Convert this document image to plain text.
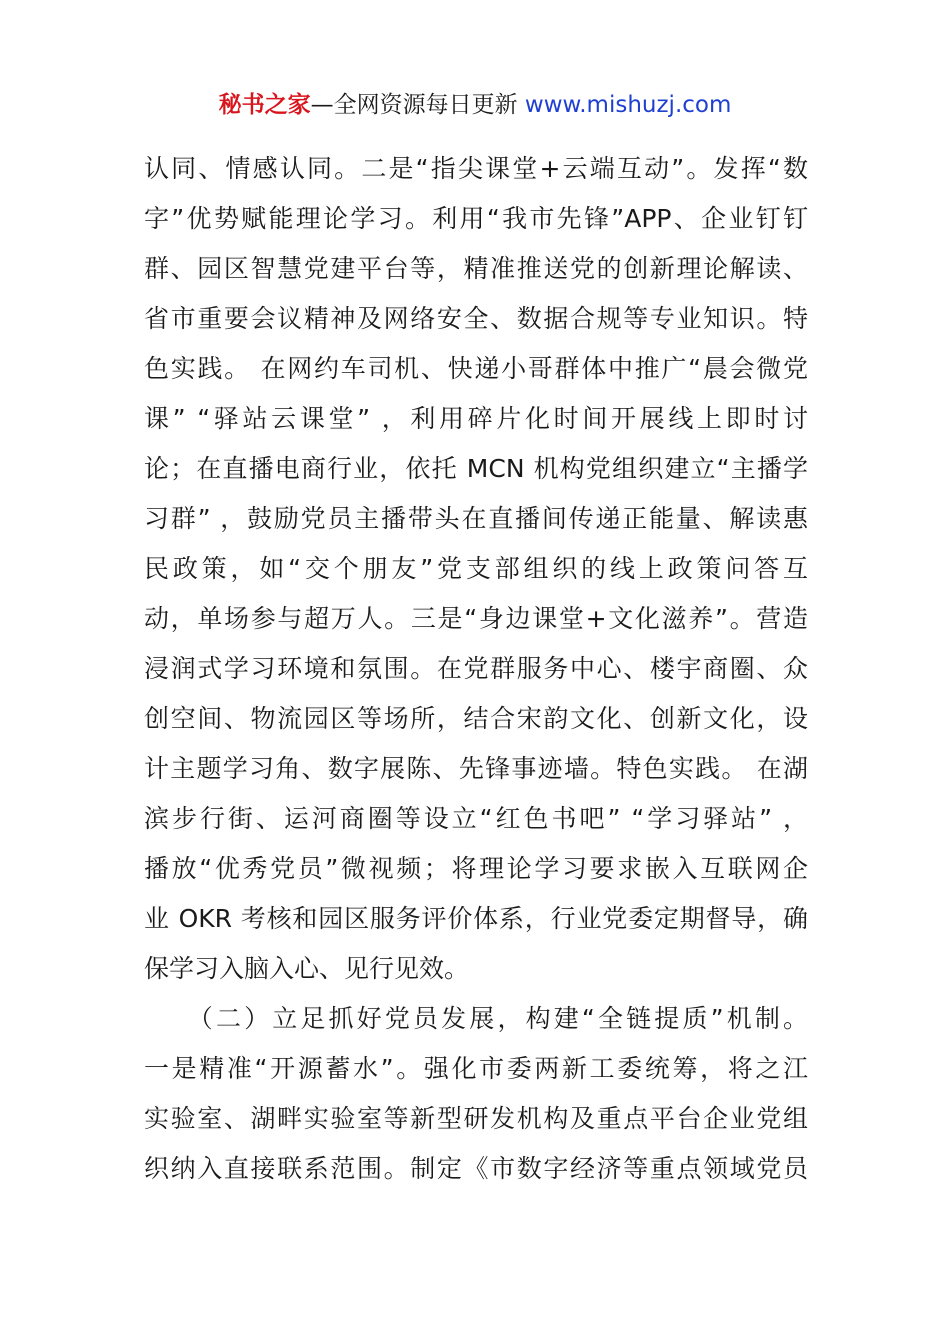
秘书之家—全网资源每日更新 www.mishuzj.com
认同、情感认同。二是“指尖课堂+云端互动”。发挥“数
字”优势赋能理论学习。利用“我市先锋”APP、企业钉钉
群、园区智慧党建平台等，精准推送党的创新理论解读、
省市重要会议精神及网络安全、数据合规等专业知识。特
色实践。 在网约车司机、快递小哥群体中推广“晨会微党
课” “驿站云课堂” ，利用碎片化时间开展线上即时讨
论；在直播电商行业，依托 MCN 机构党组织建立“主播学
习群” ，鼓励党员主播带头在直播间传递正能量、解读惠
民政策，如“交个朋友”党支部组织的线上政策问答互
动，单场参与超万人。三是“身边课堂+文化滋养”。营造
浸润式学习环境和氛围。在党群服务中心、楼宇商圈、众
创空间、物流园区等场所，结合宋韵文化、创新文化，设
计主题学习角、数字展陈、先锋事迹墙。特色实践。 在湖
滨步行街、运河商圈等设立“红色书吧” “学习驿站” ，
播放“优秀党员”微视频；将理论学习要求嵌入互联网企
业 OKR 考核和园区服务评价体系，行业党委定期督导，确
保学习入脑入心、见行见效。
　　（二）立足抓好党员发展，构建“全链提质”机制。
一是精准“开源蓄水”。强化市委两新工委统筹，将之江
实验室、湖畔实验室等新型研发机构及重点平台企业党组
织纳入直接联系范围。制定《市数字经济等重点领域党员
